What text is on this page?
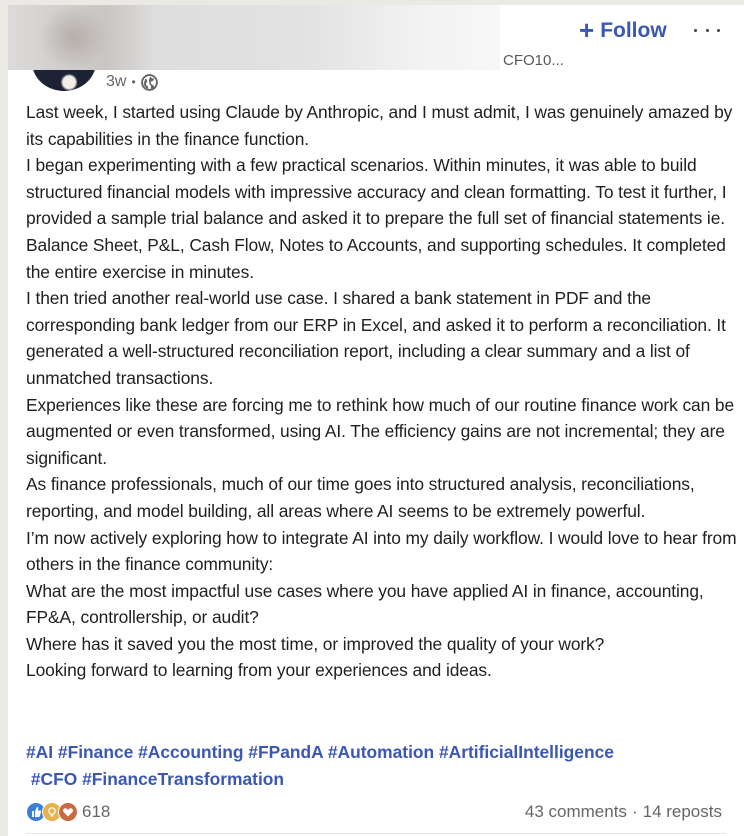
3w •
CFO10...
+ Follow

Last week, I started using Claude by Anthropic, and I must admit, I was genuinely amazed by its capabilities in the finance function.

I began experimenting with a few practical scenarios. Within minutes, it was able to build structured financial models with impressive accuracy and clean formatting. To test it further, I provided a sample trial balance and asked it to prepare the full set of financial statements ie. Balance Sheet, P&L, Cash Flow, Notes to Accounts, and supporting schedules. It completed the entire exercise in minutes.

I then tried another real-world use case. I shared a bank statement in PDF and the corresponding bank ledger from our ERP in Excel, and asked it to perform a reconciliation. It generated a well-structured reconciliation report, including a clear summary and a list of unmatched transactions.

Experiences like these are forcing me to rethink how much of our routine finance work can be augmented or even transformed, using AI. The efficiency gains are not incremental; they are significant.

As finance professionals, much of our time goes into structured analysis, reconciliations, reporting, and model building, all areas where AI seems to be extremely powerful.

I’m now actively exploring how to integrate AI into my daily workflow. I would love to hear from others in the finance community:

What are the most impactful use cases where you have applied AI in finance, accounting, FP&A, controllership, or audit?

Where has it saved you the most time, or improved the quality of your work?

Looking forward to learning from your experiences and ideas.

#AI #Finance #Accounting #FPandA #Automation #ArtificialIntelligence
#CFO #FinanceTransformation
618	43 comments · 14 reposts
